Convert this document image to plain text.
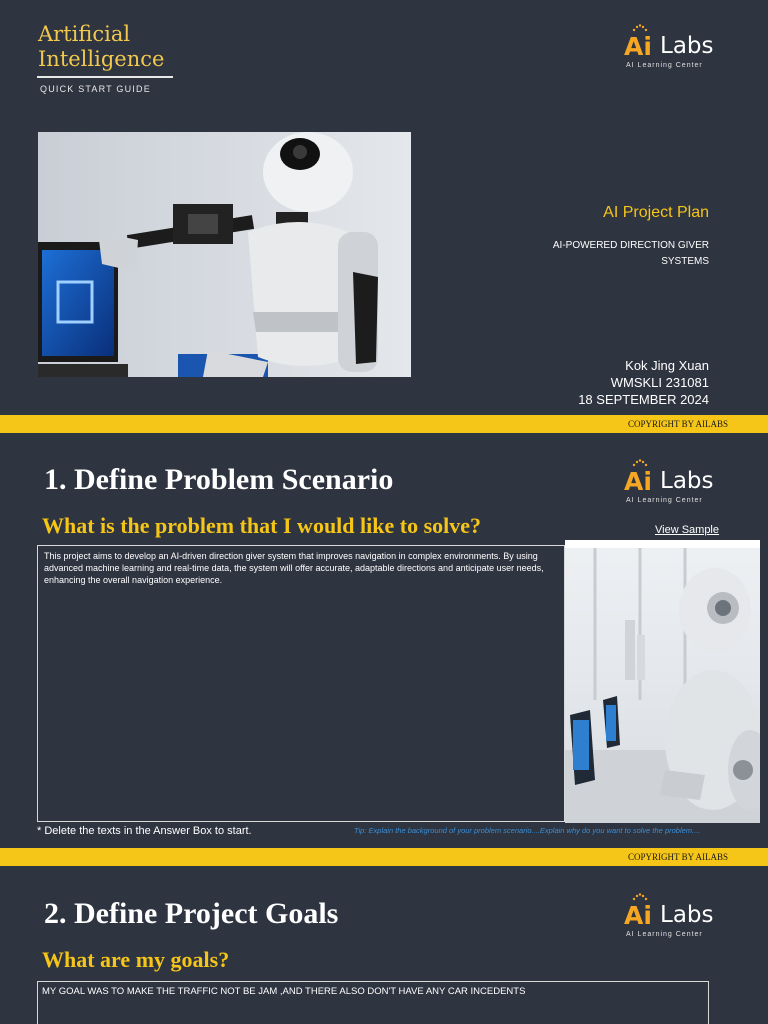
Artificial
Intelligence
QUICK START GUIDE
Ai Labs
AI Learning Center
AI Project Plan
AI-POWERED DIRECTION GIVER
SYSTEMS
Kok Jing Xuan
WMSKLI 231081
18 SEPTEMBER 2024
COPYRIGHT BY AILABS
1. Define Problem Scenario
What is the problem that I would like to solve?
Ai Labs
AI Learning Center
View Sample
This project aims to develop an AI-driven direction giver system that improves navigation in complex environments. By using advanced machine learning and real-time data, the system will offer accurate, adaptable directions and anticipate user needs, enhancing the overall navigation experience.
* Delete the texts in the Answer Box to start.	Tip: Explain the background of your problem scenario....Explain why do you want to solve the problem....
COPYRIGHT BY AILABS
2. Define Project Goals
What are my goals?
Ai Labs
AI Learning Center
MY GOAL WAS TO MAKE THE TRAFFIC NOT BE JAM ,AND THERE ALSO DON'T HAVE ANY CAR INCEDENTS
